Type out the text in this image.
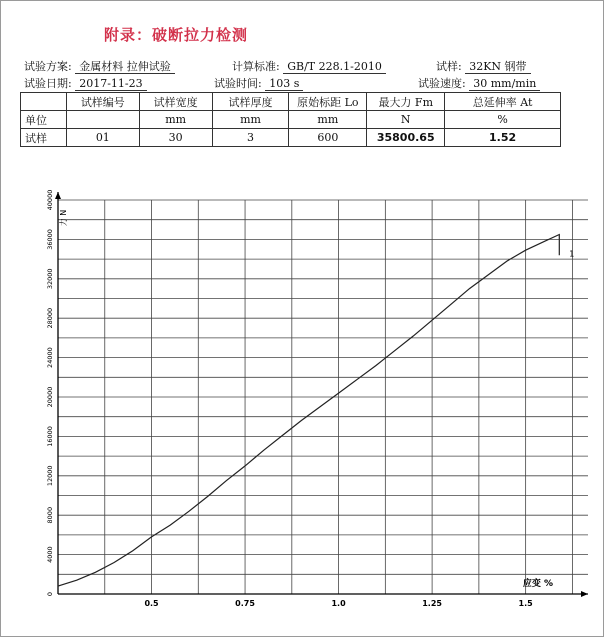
附录：破断拉力检测
试验方案: 金属材料 拉伸试验	计算标准: GB/T 228.1-2010	试样: 32KN 钢带
试验日期: 2017-11-23	试验时间: 103 s	试验速度: 30 mm/min
	试样编号	试样宽度	试样厚度	原始标距 Lo	最大力 Fm	总延伸率 At
单位		mm	mm	mm	N	%
试样	01	30	3	600	35800.65	1.52
0
4000
8000
12000
16000
20000
24000
28000
32000
36000
40000
0.5	0.75	1.0	1.25	1.5
1
力 N
应变 %
